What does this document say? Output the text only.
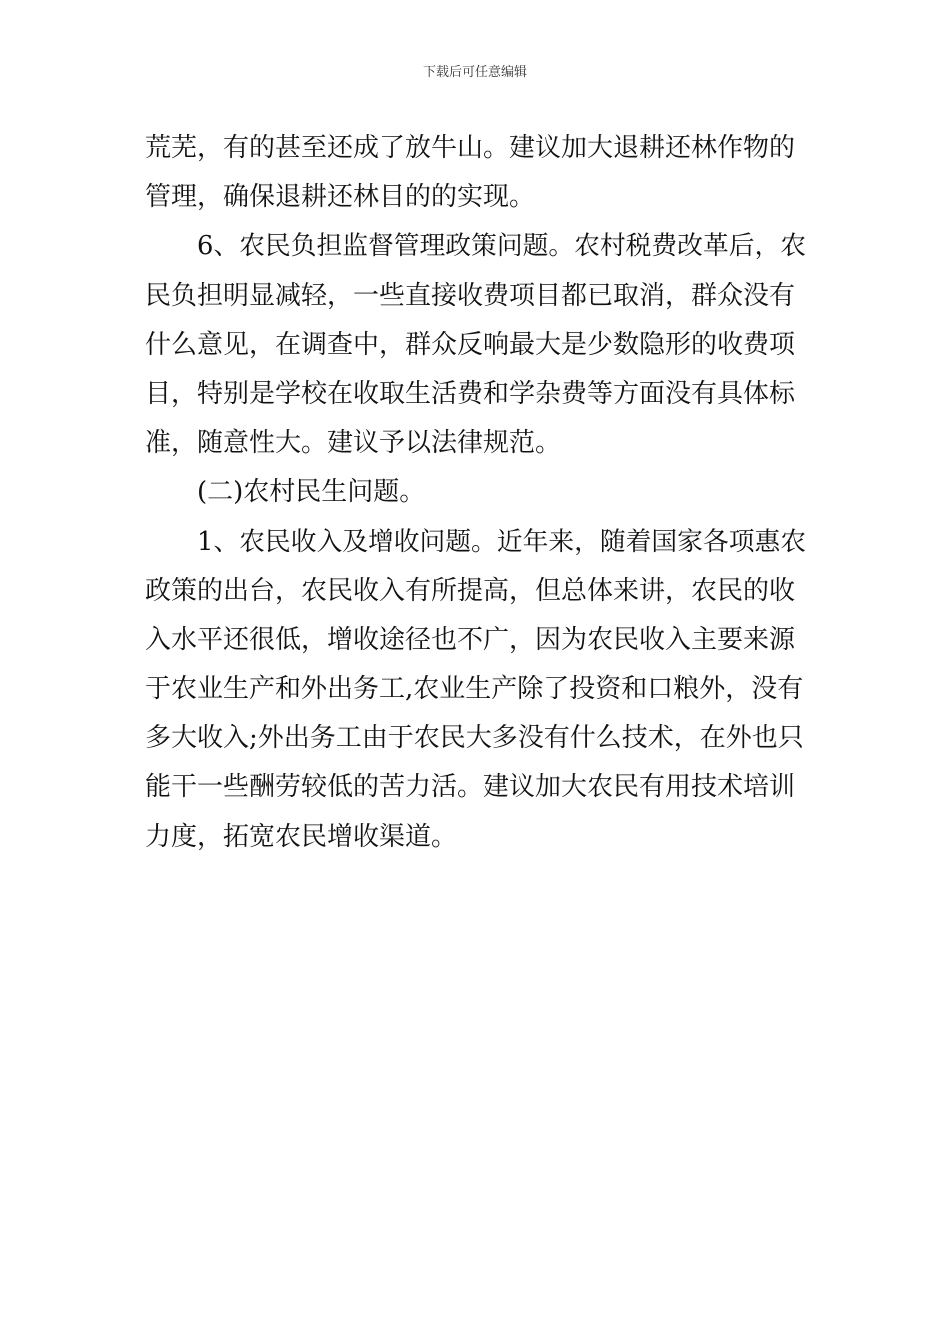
下载后可任意编辑
荒芜，有的甚至还成了放牛山。建议加大退耕还林作物的
管理，确保退耕还林目的的实现。
6、农民负担监督管理政策问题。农村税费改革后，农
民负担明显减轻，一些直接收费项目都已取消，群众没有
什么意见，在调查中，群众反响最大是少数隐形的收费项
目，特别是学校在收取生活费和学杂费等方面没有具体标
准，随意性大。建议予以法律规范。
(二)农村民生问题。
1、农民收入及增收问题。近年来，随着国家各项惠农
政策的出台，农民收入有所提高，但总体来讲，农民的收
入水平还很低，增收途径也不广，因为农民收入主要来源
于农业生产和外出务工,农业生产除了投资和口粮外，没有
多大收入;外出务工由于农民大多没有什么技术，在外也只
能干一些酬劳较低的苦力活。建议加大农民有用技术培训
力度，拓宽农民增收渠道。
